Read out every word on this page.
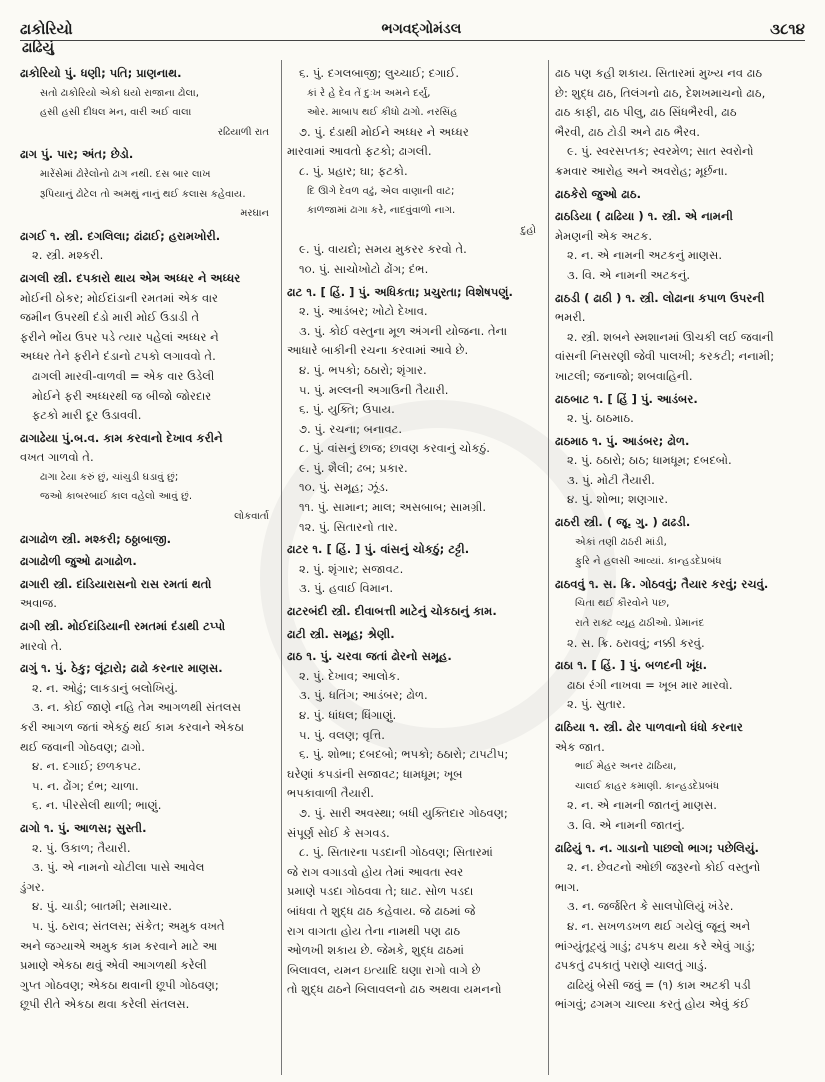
ઢાકોરિયો	ભગવદ્ગોમંડલ	૩૮૧૪
ઢાઢિયું
ઢાકોરિયો પું. ધણી; પતિ; પ્રાણનાથ.
સતો ઢાકોરિયો એકો ઘયો રાજાના ઢોલા,
હસી હસી દીધલ મન, વારી અઈ વાલા
રઢિયાળી રાત
ઢાગ પું. પાર; અંત; છેડો.
મારેંસેમાં ઢોરેલોનો ઢાગ નથી. દસ બાર લાખ
રૂપિયાનું ઢોટેલ તો અમથું નાનું થઈ કલાસ કહેવાય.
મરઘાન
ઢાગઈ ૧. સ્ત્રી. દગલિલા; ઢાંઢાઈ; હરામખોરી.
૨. સ્ત્રી. મશ્કરી.
ઢાગલી સ્ત્રી. દપકારો થાય એમ અધ્ધર ને અધ્ધર
મોઈની ઠોકર; મોઈદાંડાની રમતમાં એક વાર
જમીન ઉપરથી દંડો મારી મોઈ ઉડાડી તે
ફરીને ભોંય ઉપર પડે ત્યાર પહેલાં અધ્ધર ને
અધ્ધર તેને ફરીને દંડાનો ટપકો લગાવવો તે.
ઢાગલી મારવી-વાળવી = એક વાર ઉડેલી
મોઈને ફરી અધ્ધરથી જ બીજો જોરદાર
ફટકો મારી દૂર ઉડાવવી.
ઢાગાઢેયા પું.બ.વ. કામ કરવાનો દેખાવ કરીને
વખત ગાળવો તે.
ઢાગા ઢેયા કરું છું, ચાંચુડી ઘડાવું છું;
જઓ કાબરબાઈ કાલ વહેલો આવું છું.
લોકવાર્તા
ઢાગાઢોળ સ્ત્રી. મશ્કરી; ઠઠ્ઠાબાજી.
ઢાગાઢોળી જુઓ ઢાગાઢોળ.
ઢાગારી સ્ત્રી. દાંડિયારાસનો રાસ રમતાં થતો
અવાજ.
ઢાગી સ્ત્રી. મોઈદાંડિયાની રમતમાં દંડાથી ટપ્પો
મારવો તે.
ઢાગું ૧. પું. ઠેકુ; લૂંટારો; ઢાઢો કરનાર માણસ.
૨. ન. ઓઢું; લાકડાનું બલોખિયું.
૩. ન. કોઈ જાણે નહિ તેમ આગળથી સંતલસ
કરી આગળ જતાં એકઠું થઈ કામ કરવાને એકઠા
થઈ જવાની ગોઠવણ; ઢાગો.
૪. ન. દગાઈ; છળકપટ.
૫. ન. ઢોંગ; દંભ; ચાળા.
૬. ન. પીરસેલી થાળી; ભાણું.
ઢાગો ૧. પું. આળસ; સુસ્તી.
૨. પું. ઉકાળ; તૈયારી.
૩. પું. એ નામનો ચોટીલા પાસે આવેલ
ડુંગર.
૪. પું. ચાડી; બાતમી; સમાચાર.
૫. પું. ઠરાવ; સંતલસ; સંકેત; અમુક વખતે
અને જગ્યાએ અમુક કામ કરવાને માટે આ
પ્રમાણે એકઠા થવું એવી આગળથી કરેલી
ગુપ્ત ગોઠવણ; એકઠા થવાની છૂપી ગોઠવણ;
છૂપી રીતે એકઠા થવા કરેલી સંતલસ.
૬. પું. દગલબાજી; લુચ્ચાઈ; દગાઈ.
કાં રે હે દેવ તેં દુઃખ અમને દર્યું,
ઓર. માબાપ થઈ કીધો ઢાગો. નરસિંહ
૭. પું. દંડાથી મોઈને અધ્ધર ને અધ્ધર
મારવામાં આવતો ફટકો; ઢાગલી.
૮. પું. પ્રહાર; ઘા; ફટકો.
દિ ઊગે દેવળ વઢું, એલ વાણાની વાટ;
કાળજામાં ઢાગા કરે, નાદવુંવાળો નાગ.
દુહો
૯. પું. વાયદો; સમય મુકરર કરવો તે.
૧૦. પું. સાચોખોટો ઢોંગ; દંભ.
ઢાટ ૧. [ હિં. ] પું. અધિકતા; પ્રચુરતા; વિશેષપણું.
૨. પું. આડંબર; ખોટો દેખાવ.
૩. પું. કોઈ વસ્તુના મૂળ અંગની યોજના. તેના
આધારે બાકીની રચના કરવામાં આવે છે.
૪. પું. ભપકો; ઠઠારો; શૃંગાર.
૫. પું. મલ્લની અગાઉની તૈયારી.
૬. પું. યુક્તિ; ઉપાય.
૭. પું. રચના; બનાવટ.
૮. પું. વાંસનું છાજ; છાવણ કરવાનું ચોકઠું.
૯. પું. શૈલી; ઢબ; પ્રકાર.
૧૦. પું. સમૂહ; ઝૂંડ.
૧૧. પું. સામાન; માલ; અસબાબ; સામગ્રી.
૧૨. પું. સિતારનો તાર.
ઢાટર ૧. [ હિં. ] પું. વાંસનું ચોકઠું; ટટ્ટી.
૨. પું. શૃંગાર; સજાવટ.
૩. પું. હવાઈ વિમાન.
ઢાટરબંદી સ્ત્રી. દીવાબત્તી માટેનું ચોકઠાનું કામ.
ઢાટી સ્ત્રી. સમૂહ; શ્રેણી.
ઢાઠ ૧. પું. ચરવા જતાં ઢોરનો સમૂહ.
૨. પું. દેખાવ; આલોક.
૩. પું. ધતિંગ; આડંબર; ઢોળ.
૪. પું. ધાંધલ; ધિંગાણું.
૫. પું. વલણ; વૃત્તિ.
૬. પું. શોભા; દબદબો; ભપકો; ઠઠારો; ટાપટીપ;
ઘરેણાં કપડાંની સજાવટ; ધામધૂમ; ખૂબ
ભપકાવાળી તૈયારી.
૭. પું. સારી અવસ્થા; બધી યુક્તિદાર ગોઠવણ;
સંપૂર્ણ સોઈ કે સગવડ.
૮. પું. સિતારના પડદાની ગોઠવણ; સિતારમાં
જે રાગ વગાડવો હોય તેમાં આવતા સ્વર
પ્રમાણે પડદા ગોઠવવા તે; ઘાટ. સોળ પડદા
બાંધવા તે શુદ્ધ ઢાઠ કહેવાય. જે ઢાઠમાં જે
રાગ વાગતા હોય તેના નામથી પણ ઢાઠ
ઓળખી શકાય છે. જેમકે, શુદ્ધ ઢાઠમાં
બિલાવલ, યમન ઇત્યાદિ ઘણા રાગો વાગે છે
તો શુદ્ધ ઢાઠને બિલાવલનો ઢાઠ અથવા યમનનો
ઢાઠ પણ કહી શકાય. સિતારમાં મુખ્ય નવ ઢાઠ
છે: શુદ્ધ ઢાઠ, તિલંગનો ઢાઠ, દેશખમાચનો ઢાઠ,
ઢાઠ કાફી, ઢાઠ પીલુ, ઢાઠ સિંધભૈરવી, ઢાઠ
ભૈરવી, ઢાઠ ટોડી અને ઢાઠ ભૈરવ.
૯. પું. સ્વરસપ્તક; સ્વરમેળ; સાત સ્વરોનો
ક્રમવાર આરોહ અને અવરોહ; મૂર્છના.
ઢાઠકેરો જુઓ ઢાઠ.
ઢાઠડિયા ( ઢાઢિયા ) ૧. સ્ત્રી. એ નામની
મેમણની એક અટક.
૨. ન. એ નામની અટકનું માણસ.
૩. વિ. એ નામની અટકનું.
ઢાઠડી ( ઢાઠી ) ૧. સ્ત્રી. લોઢાના કપાળ ઉપરની
ભમરી.
૨. સ્ત્રી. શબને સ્મશાનમાં ઊચકી લઈ જવાની
વાંસની નિસરણી જેવી પાલખી; કરકટી; નનામી;
ખાટલી; જનાજો; શબવાહિની.
ઢાઠબાટ ૧. [ હિં ] પું. આડંબર.
૨. પું. ઠાઠમાઠ.
ઢાઠમાઠ ૧. પું. આડંબર; ઢોળ.
૨. પું. ઠઠારો; ઠાઠ; ધામધૂમ; દબદબો.
૩. પું. મોટી તૈયારી.
૪. પું. શોભા; શણગાર.
ઢાઠરી સ્ત્રી. ( જૂ. ગુ. ) ઢાઢડી.
એકાં તણી ઢાઠરી માંડી,
ફુરિ ને હલસી આવ્યાં. કાન્હડદેપ્રબંધ
ઢાઠવવું ૧. સ. ક્રિ. ગોઠવવું; તૈયાર કરવું; રચવું.
ચિતા થઈ કૌરવોને પછ,
રાતે રાક્ટ વ્યૂહ ઢાઠીઓ. પ્રેમાનંદ
૨. સ. ક્રિ. ઠરાવવું; નક્કી કરવું.
ઢાઠા ૧. [ હિં. ] પું. બળદની ખૂંધ.
ઢાઠા રંગી નાખવા = ખૂબ માર મારવો.
૨. પું. સુતાર.
ઢાઠિયા ૧. સ્ત્રી. ઢોર પાળવાનો ધંધો કરનાર
એક જાત.
ભાઈ મેહર અનર ઢાઠિયા,
ચાલઈ કાહર કમાણી. કાન્હડદેપ્રબંધ
૨. ન. એ નામની જાતનું માણસ.
૩. વિ. એ નામની જાતનું.
ઢાઢિયું ૧. ન. ગાડાનો પાછલો ભાગ; પછેલિયું.
૨. ન. છેવટનો ઓછી જરૂરનો કોઈ વસ્તુનો
ભાગ.
૩. ન. જર્જરિત કે સાલપોલિયું ખંડેર.
૪. ન. સખળડખળ થઈ ગયેલું જૂનું અને
ભાંગ્યુંતૂટ્યું ગાડું; ઢપકપ થયા કરે એવું ગાડું;
ઢપકતું ઢપકાતું પરાણે ચાલતું ગાડું.
ઢાઢિયું બેસી જવું = (૧) કામ અટકી પડી
ભાંગવું; ઢગમગ ચાલ્યા કરતું હોય એવું કંઈ
